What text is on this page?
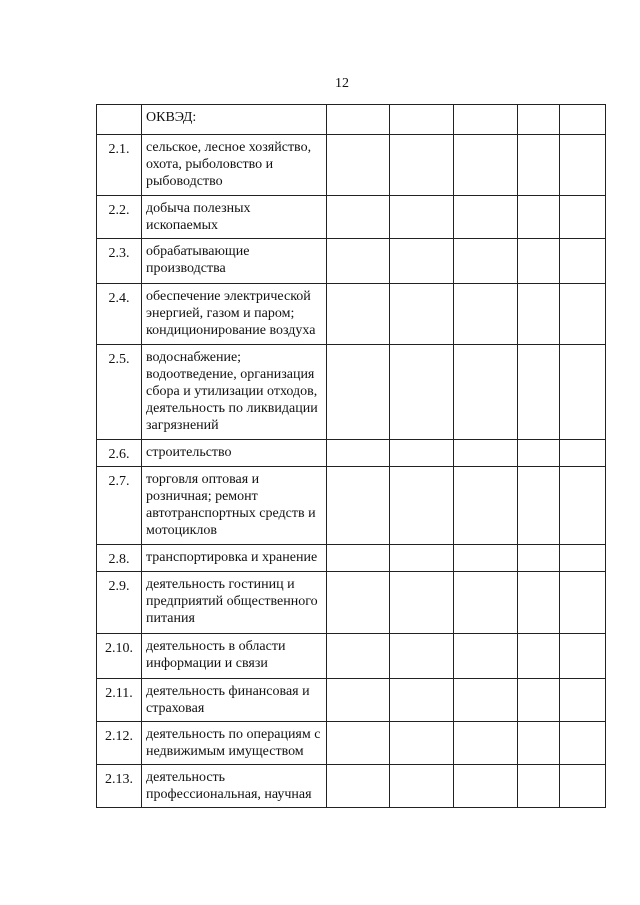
12
	ОКВЭД:					
2.1.	сельское, лесное хозяйство, охота, рыболовство и рыбоводство					
2.2.	добыча полезных ископаемых					
2.3.	обрабатывающие производства					
2.4.	обеспечение электрической энергией, газом и паром; кондиционирование воздуха					
2.5.	водоснабжение; водоотведение, организация сбора и утилизации отходов, деятельность по ликвидации загрязнений					
2.6.	строительство					
2.7.	торговля оптовая и розничная; ремонт автотранспортных средств и мотоциклов					
2.8.	транспортировка и хранение					
2.9.	деятельность гостиниц и предприятий общественного питания					
2.10.	деятельность в области информации и связи					
2.11.	деятельность финансовая и страховая					
2.12.	деятельность по операциям с недвижимым имуществом					
2.13.	деятельность профессиональная, научная					
